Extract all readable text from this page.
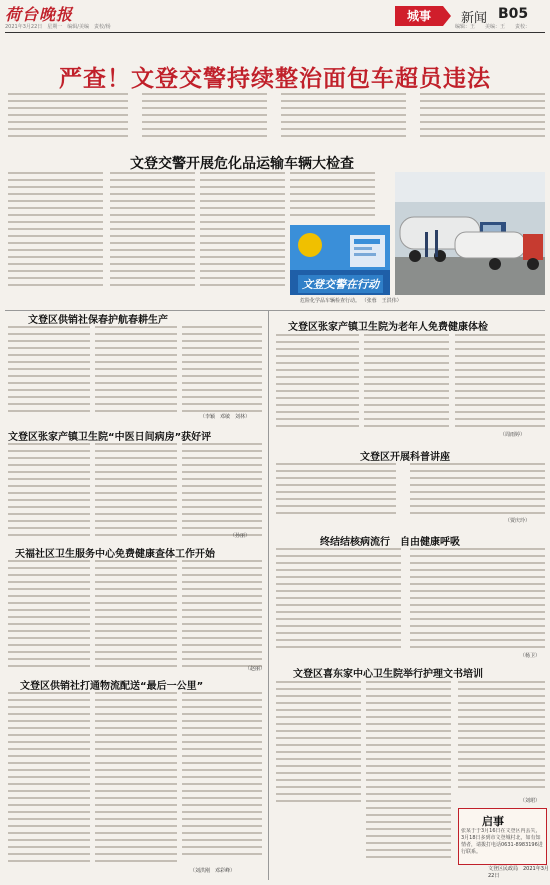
荷台晚报
2021年3月22日　星期一　编辑/美编　责校/杨
城事	新闻 B05
编辑：王　　美编：王　　责校：
严查！文登交警持续整治面包车超员违法
文登交警开展危化品运输车辆大检查
文登交警在行动
危险化学品车辆检查行动。 （张蓉　王洪伟）
文登区供销社保春护航春耕生产
（李颖　邓敏　刘林）
文登区张家产镇卫生院“中医日间病房”获好评
（孙丽）
天福社区卫生服务中心免费健康查体工作开始
（赵丽）
文登区供销社打通物流配送“最后一公里”
（刘洪刚　邓彩峰）
文登区张家产镇卫生院为老年人免费健康体检
（周雨婷）
文登区开展科普讲座
（贾庆玲）
终结结核病流行　自由健康呼吸
（杨卫）
文登区喜东家中心卫生院举行护理文书培训
（刘珺）
启事
张某于于3月16日在文登区内丢失，3月18日多到市文登城村北，如有知情者，请拨打电话0631-8983196进行联系。
文登区民政局　2021年3月22日
